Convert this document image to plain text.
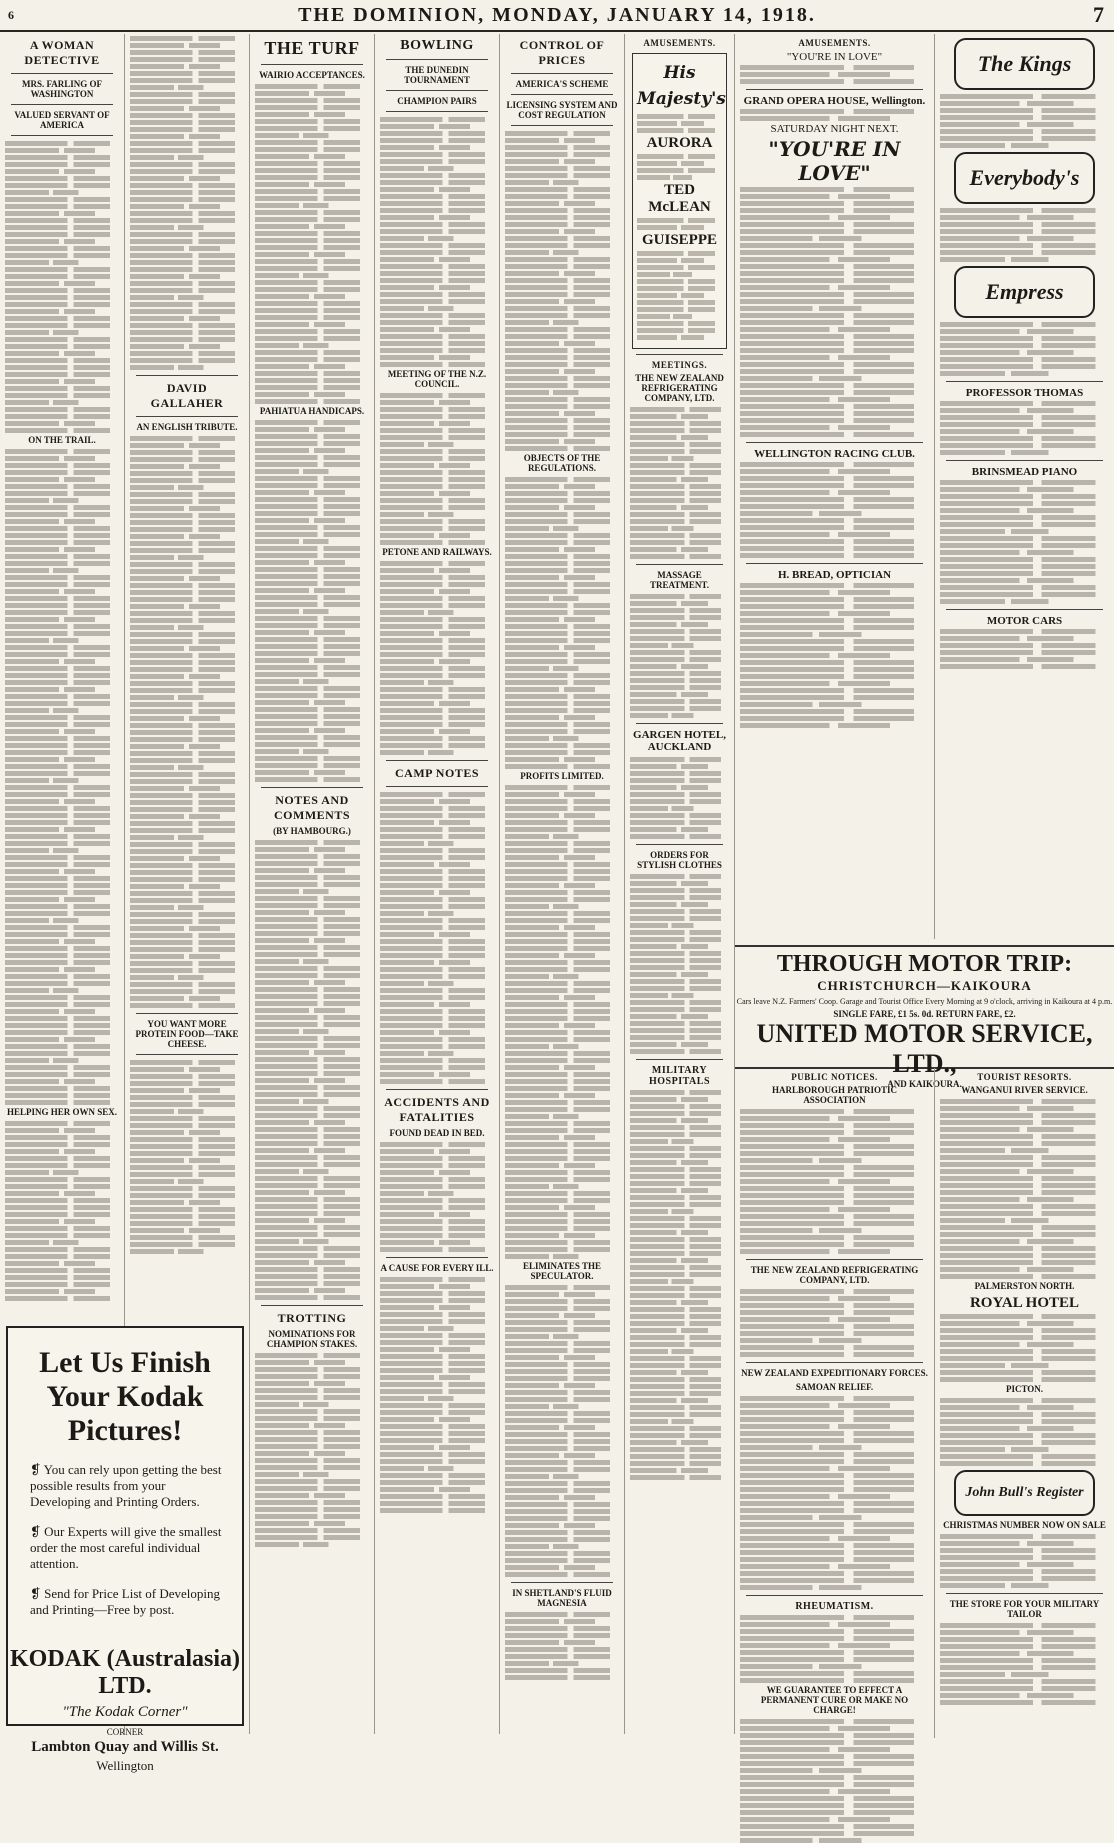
6	THE DOMINION, MONDAY, JANUARY 14, 1918.	7
A WOMAN DETECTIVE
MRS. FARLING OF WASHINGTON
VALUED SERVANT OF AMERICA
ON THE TRAIL.
HELPING HER OWN SEX.
DAVID GALLAHER
AN ENGLISH TRIBUTE.
YOU WANT MORE PROTEIN FOOD—TAKE CHEESE.
Let Us Finish Your Kodak Pictures!
❡ You can rely upon getting the best possible results from your Developing and Printing Orders.
❡ Our Experts will give the smallest order the most careful individual attention.
❡ Send for Price List of Developing and Printing—Free by post.
KODAK (Australasia) LTD.
"The Kodak Corner"
CORNER
Lambton Quay and Willis St.
Wellington
THE TURF
WAIRIO ACCEPTANCES.
PAHIATUA HANDICAPS.
NOTES AND COMMENTS
(BY HAMBOURG.)
TROTTING
NOMINATIONS FOR CHAMPION STAKES.
BOWLING
THE DUNEDIN TOURNAMENT
CHAMPION PAIRS
MEETING OF THE N.Z. COUNCIL.
PETONE AND RAILWAYS.
CAMP NOTES
ACCIDENTS AND FATALITIES
FOUND DEAD IN BED.
A CAUSE FOR EVERY ILL.
CONTROL OF PRICES
AMERICA'S SCHEME
LICENSING SYSTEM AND COST REGULATION
OBJECTS OF THE REGULATIONS.
PROFITS LIMITED.
ELIMINATES THE SPECULATOR.
IN SHETLAND'S FLUID MAGNESIA
AMUSEMENTS.
His Majesty's
AURORA
TED McLEAN
GUISEPPE
MEETINGS.
THE NEW ZEALAND REFRIGERATING COMPANY, LTD.
MASSAGE TREATMENT.
GARGEN HOTEL, AUCKLAND
ORDERS FOR STYLISH CLOTHES
MILITARY HOSPITALS
AMUSEMENTS.
"YOU'RE IN LOVE"
GRAND OPERA HOUSE, Wellington.
SATURDAY NIGHT NEXT.
"YOU'RE IN LOVE"
WELLINGTON RACING CLUB.
H. BREAD, OPTICIAN
The Kings
Everybody's
Empress
PROFESSOR THOMAS
BRINSMEAD PIANO
MOTOR CARS
THROUGH MOTOR TRIP:
CHRISTCHURCH—KAIKOURA
Cars leave N.Z. Farmers' Coop. Garage and Tourist Office Every Morning at 9 o'clock, arriving in Kaikoura at 4 p.m.
SINGLE FARE, £1 5s. 0d. RETURN FARE, £2.
UNITED MOTOR SERVICE, LTD.,
AND KAIKOURA.
PUBLIC NOTICES.
HARLBOROUGH PATRIOTIC ASSOCIATION
THE NEW ZEALAND REFRIGERATING COMPANY, LTD.
NEW ZEALAND EXPEDITIONARY FORCES.
SAMOAN RELIEF.
RHEUMATISM.
WE GUARANTEE TO EFFECT A PERMANENT CURE OR MAKE NO CHARGE!
TOURIST RESORTS.
WANGANUI RIVER SERVICE.
PALMERSTON NORTH.
ROYAL HOTEL
PICTON.
John Bull's Register
CHRISTMAS NUMBER NOW ON SALE
THE STORE FOR YOUR MILITARY TAILOR
